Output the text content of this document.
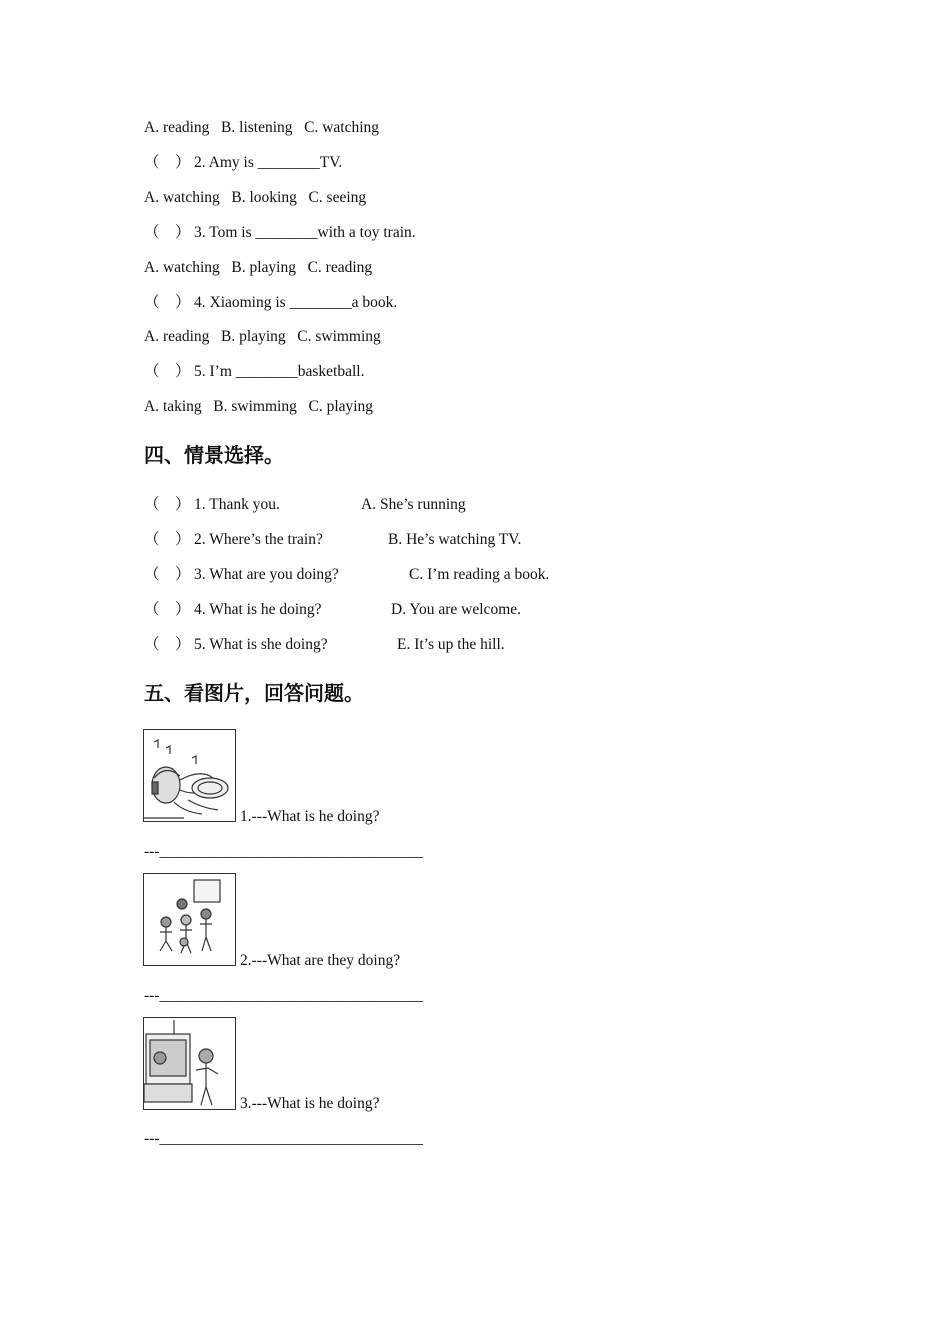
A. reading   B. listening   C. watching
（    ） 2. Amy is ________TV.
A. watching   B. looking   C. seeing
（    ） 3. Tom is ________with a toy train.
A. watching   B. playing   C. reading
（    ） 4. Xiaoming is ________a book.
A. reading   B. playing   C. swimming
（    ） 5. I’m ________basketball.
A. taking   B. swimming   C. playing
四、情景选择。
（    ） 1. Thank you.	A. She’s running
（    ） 2. Where’s the train?	B. He’s watching TV.
（    ） 3. What are you doing?	C. I’m reading a book.
（    ） 4. What is he doing?	D. You are welcome.
（    ） 5. What is she doing?	E. It’s up the hill.
五、看图片，回答问题。
1.---What is he doing?
---__________________________________
2.---What are they doing?
---__________________________________
3.---What is he doing?
---__________________________________
